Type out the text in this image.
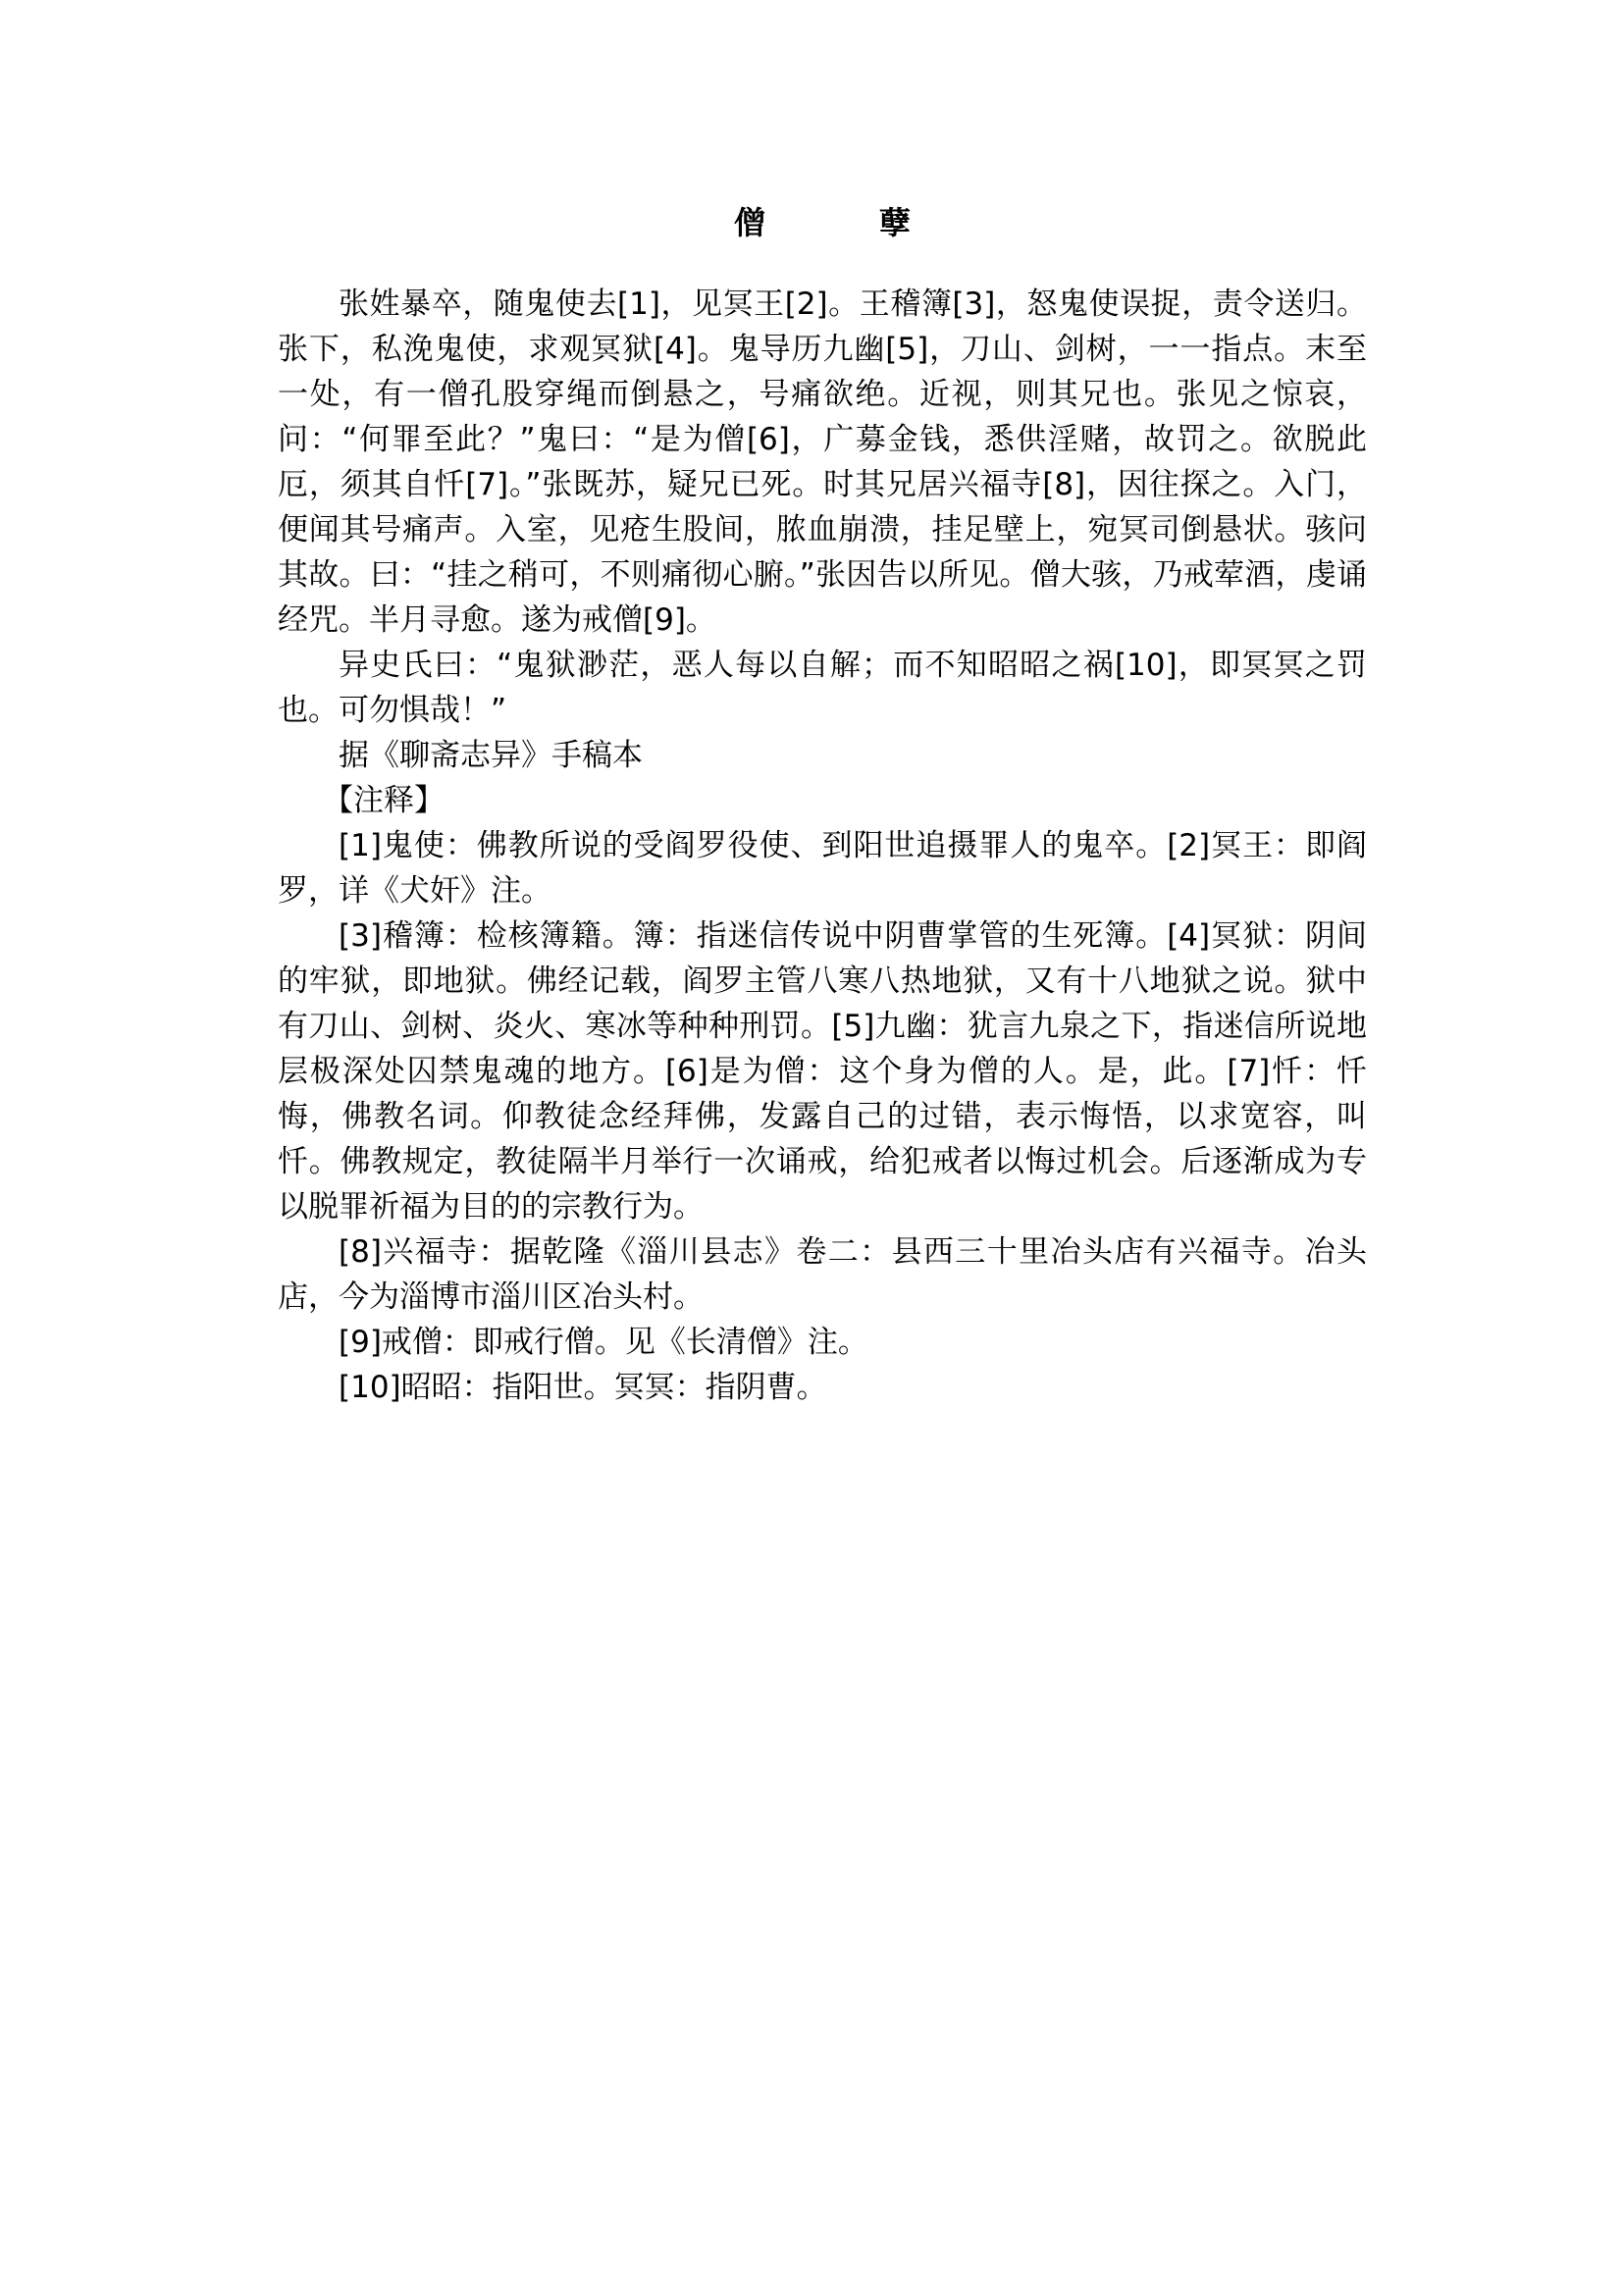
僧　孽

张姓暴卒，随鬼使去[1]，见冥王[2]。王稽簿[3]，怒鬼使误捉，责令送归。张下，私浼鬼使，求观冥狱[4]。鬼导历九幽[5]，刀山、剑树，一一指点。末至一处，有一僧孔股穿绳而倒悬之，号痛欲绝。近视，则其兄也。张见之惊哀，问：“何罪至此？”鬼曰：“是为僧[6]，广募金钱，悉供淫赌，故罚之。欲脱此厄，须其自忏[7]。”张既苏，疑兄已死。时其兄居兴福寺[8]，因往探之。入门，便闻其号痛声。入室，见疮生股间，脓血崩溃，挂足壁上，宛冥司倒悬状。骇问其故。曰：“挂之稍可，不则痛彻心腑。”张因告以所见。僧大骇，乃戒荤酒，虔诵经咒。半月寻愈。遂为戒僧[9]。

异史氏曰：“鬼狱渺茫，恶人每以自解；而不知昭昭之祸[10]，即冥冥之罚也。可勿惧哉！”

据《聊斋志异》手稿本

【注释】

[1]鬼使：佛教所说的受阎罗役使、到阳世追摄罪人的鬼卒。[2]冥王：即阎罗，详《犬奸》注。

[3]稽簿：检核簿籍。簿：指迷信传说中阴曹掌管的生死簿。[4]冥狱：阴间的牢狱，即地狱。佛经记载，阎罗主管八寒八热地狱，又有十八地狱之说。狱中有刀山、剑树、炎火、寒冰等种种刑罚。[5]九幽：犹言九泉之下，指迷信所说地层极深处囚禁鬼魂的地方。[6]是为僧：这个身为僧的人。是，此。[7]忏：忏悔，佛教名词。仰教徒念经拜佛，发露自己的过错，表示悔悟，以求宽容，叫忏。佛教规定，教徒隔半月举行一次诵戒，给犯戒者以悔过机会。后逐渐成为专以脱罪祈福为目的的宗教行为。

[8]兴福寺：据乾隆《淄川县志》卷二：县西三十里冶头店有兴福寺。冶头店，今为淄博市淄川区冶头村。

[9]戒僧：即戒行僧。见《长清僧》注。

[10]昭昭：指阳世。冥冥：指阴曹。
